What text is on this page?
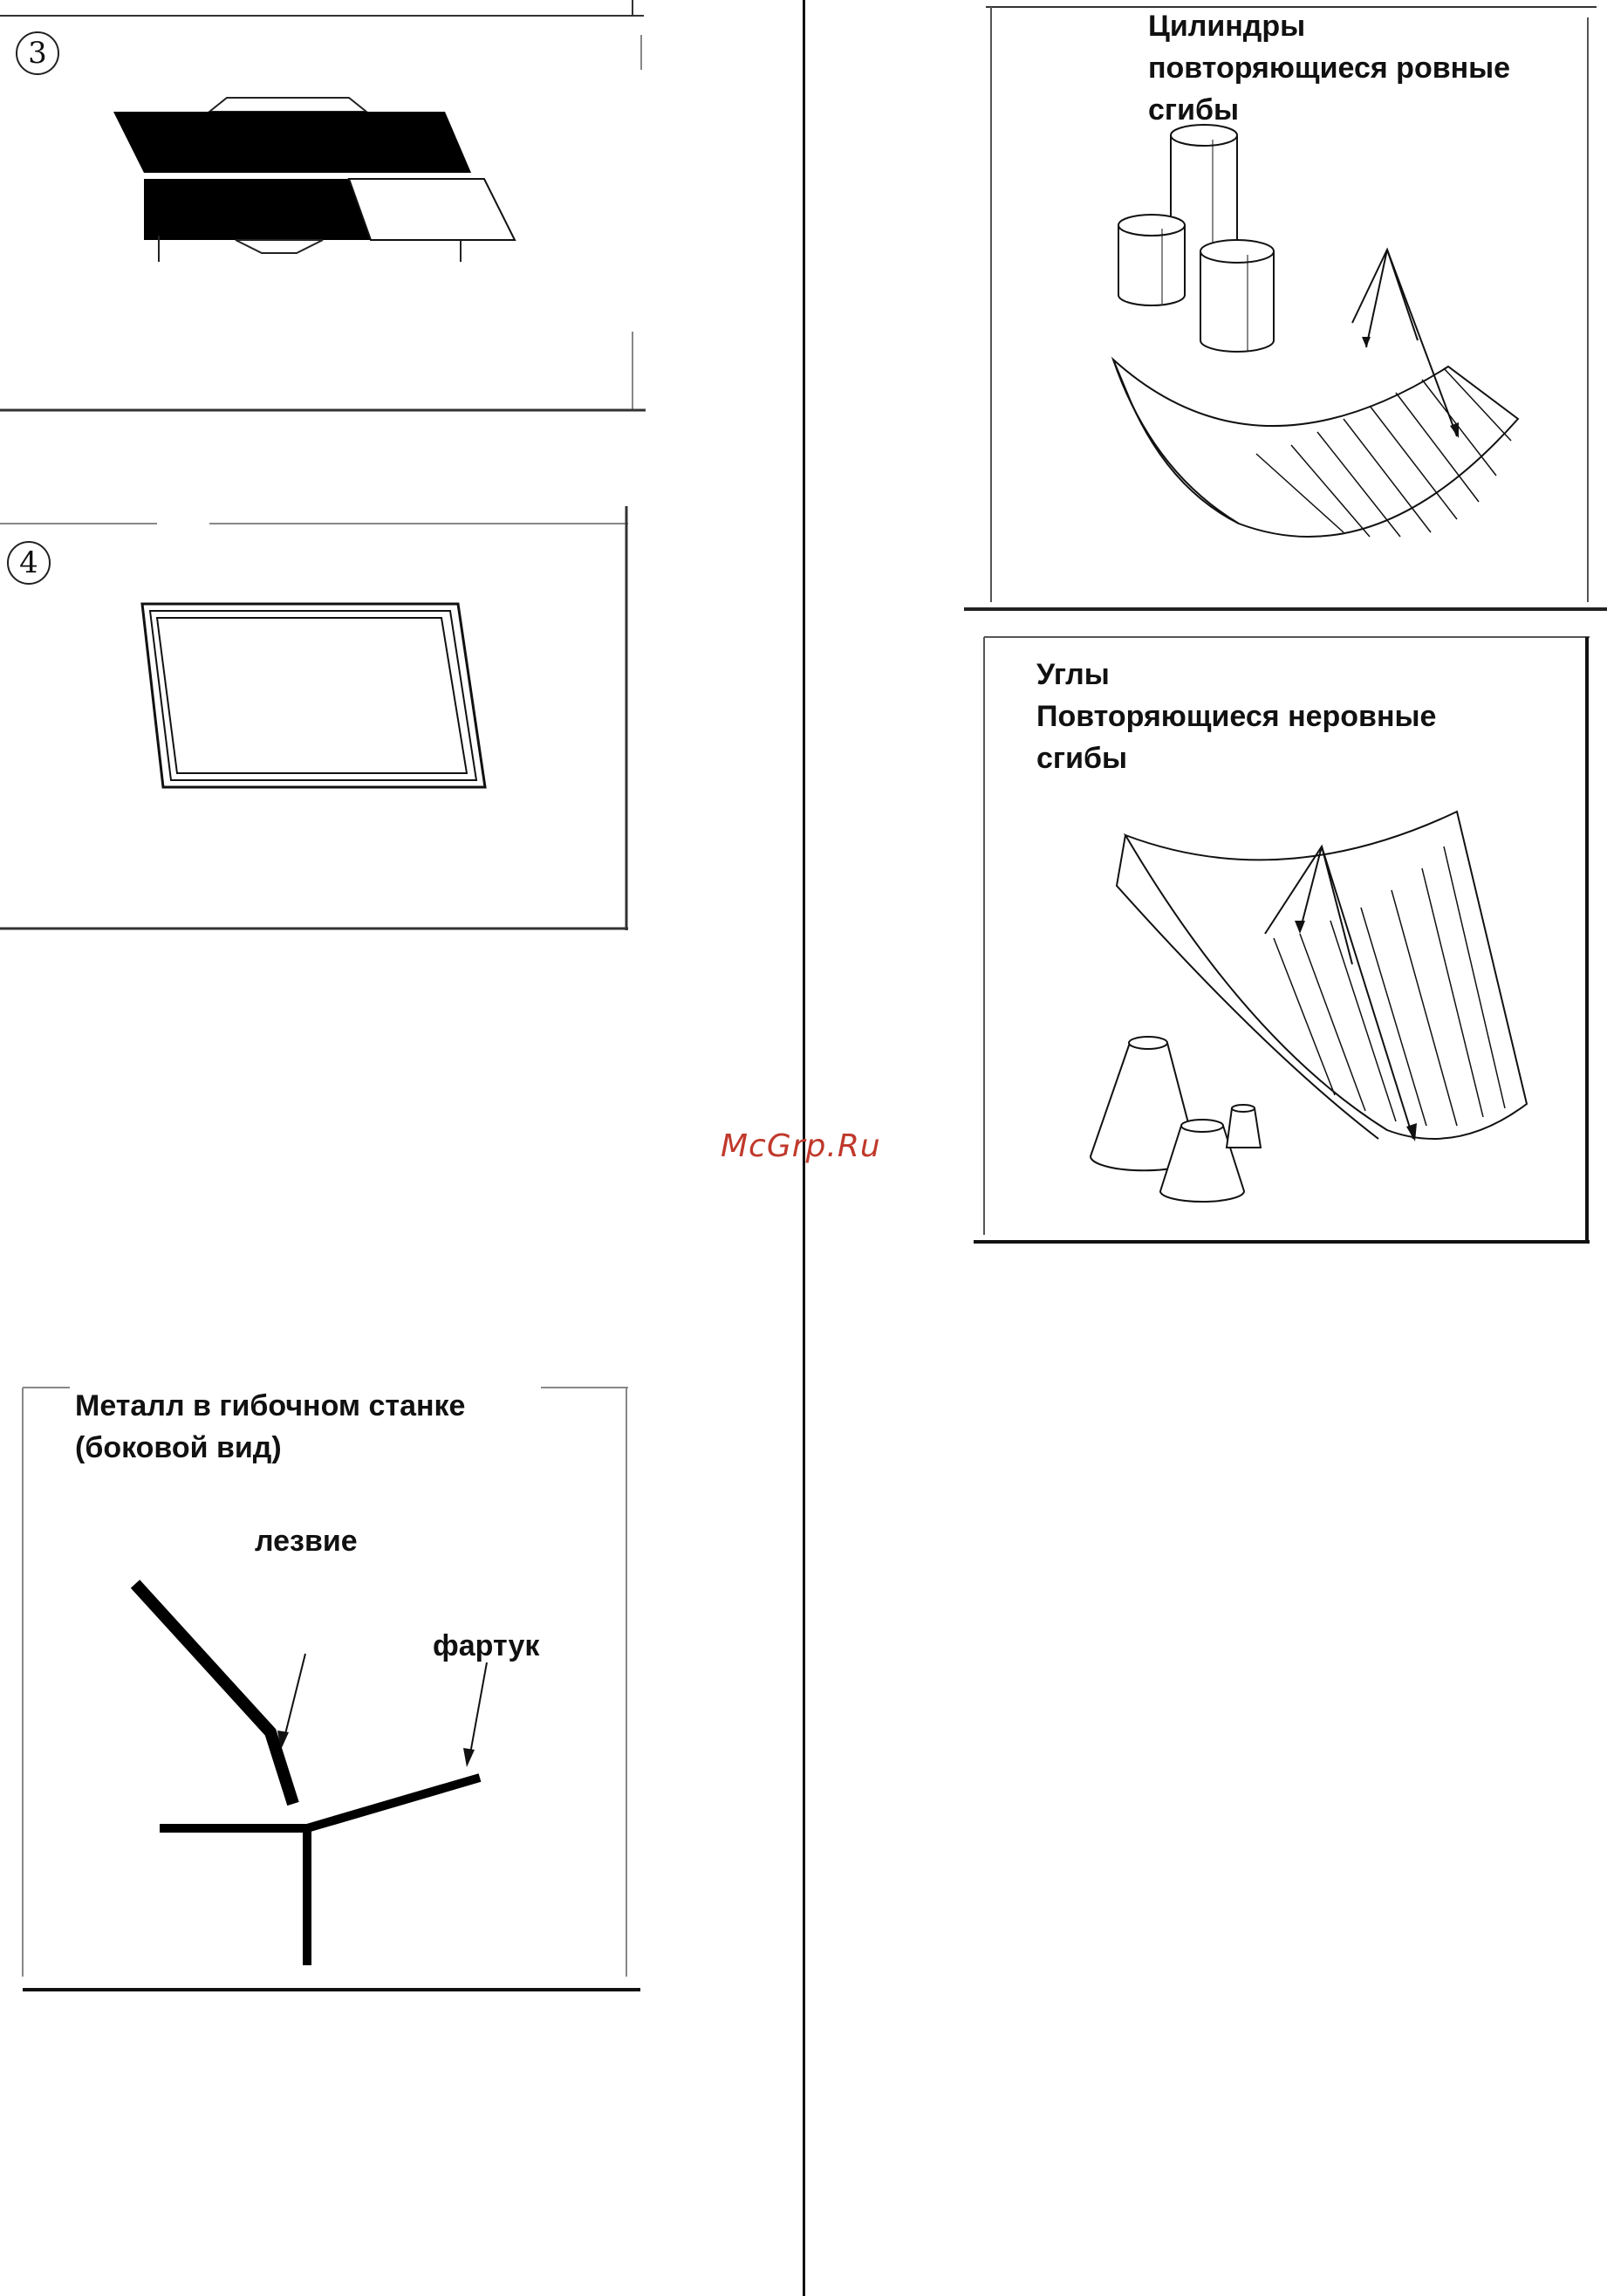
3
4
Цилиндры
повторяющиеся ровные
сгибы
Углы
Повторяющиеся неровные
сгибы
Металл в гибочном станке
(боковой вид)
лезвие
фартук
McGrp.Ru
